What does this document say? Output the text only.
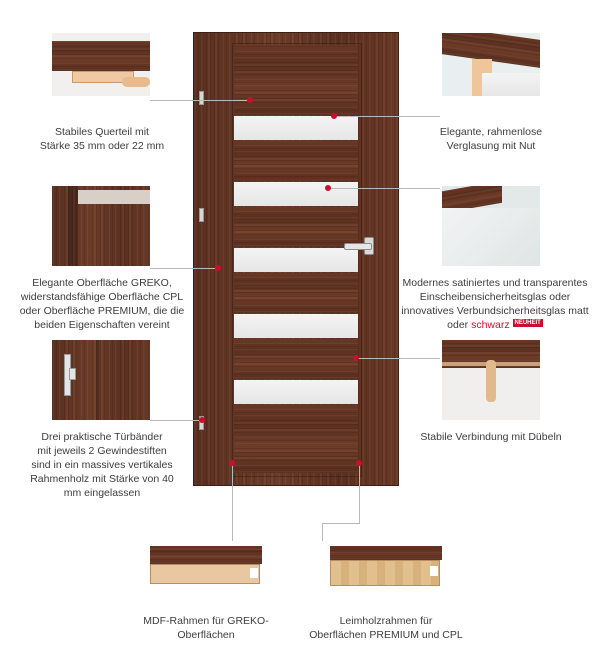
Stabiles Querteil mit
Stärke 35 mm oder 22 mm
Elegante, rahmenlose
Verglasung mit Nut
Elegante Oberfläche GREKO,
widerstandsfähige Oberfläche CPL
oder Oberfläche PREMIUM, die die
beiden Eigenschaften vereint
Modernes satiniertes und transparentes
Einscheibensicherheitsglas oder
innovatives Verbundsicherheitsglas matt
oder schwarz NEUHEIT
Drei praktische Türbänder
mit jeweils 2 Gewindestiften
sind in ein massives vertikales
Rahmenholz mit Stärke von 40
mm eingelassen
Stabile Verbindung mit Dübeln
MDF-Rahmen für GREKO-
Oberflächen
Leimholzrahmen für
Oberflächen PREMIUM und CPL
